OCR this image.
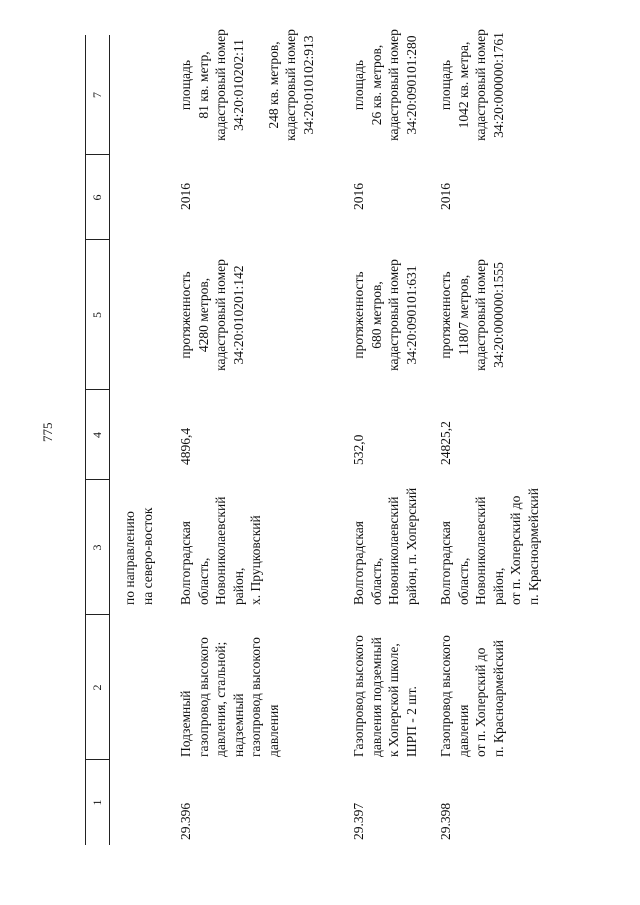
775
1
2
3
4
5
6
7
по направлению на северо-восток
29.396
Подземный газопровод высокого давления, стальной; надземный газопровод высокого давления
Волгоградская область, Новониколаевский район, х. Пруцковский
4896,4
протяженность 4280 метров, кадастровый номер 34:20:010201:142
2016
площадь 81 кв. метр, кадастровый номер 34:20:010202:11
248 кв. метров, кадастровый номер 34:20:010102:913
29.397
Газопровод высокого давления подземный к Хоперской школе, ШРП - 2 шт.
Волгоградская область, Новониколаевский район, п. Хоперский
532,0
протяженность 680 метров, кадастровый номер 34:20:090101:631
2016
площадь 26 кв. метров, кадастровый номер 34:20:090101:280
29.398
Газопровод высокого давления от п. Хоперский до п. Красноармейский
Волгоградская область, Новониколаевский район, от п. Хоперский до п. Красноармейский
24825,2
протяженность 11807 метров, кадастровый номер 34:20:000000:1555
2016
площадь 1042 кв. метра, кадастровый номер 34:20:000000:1761
